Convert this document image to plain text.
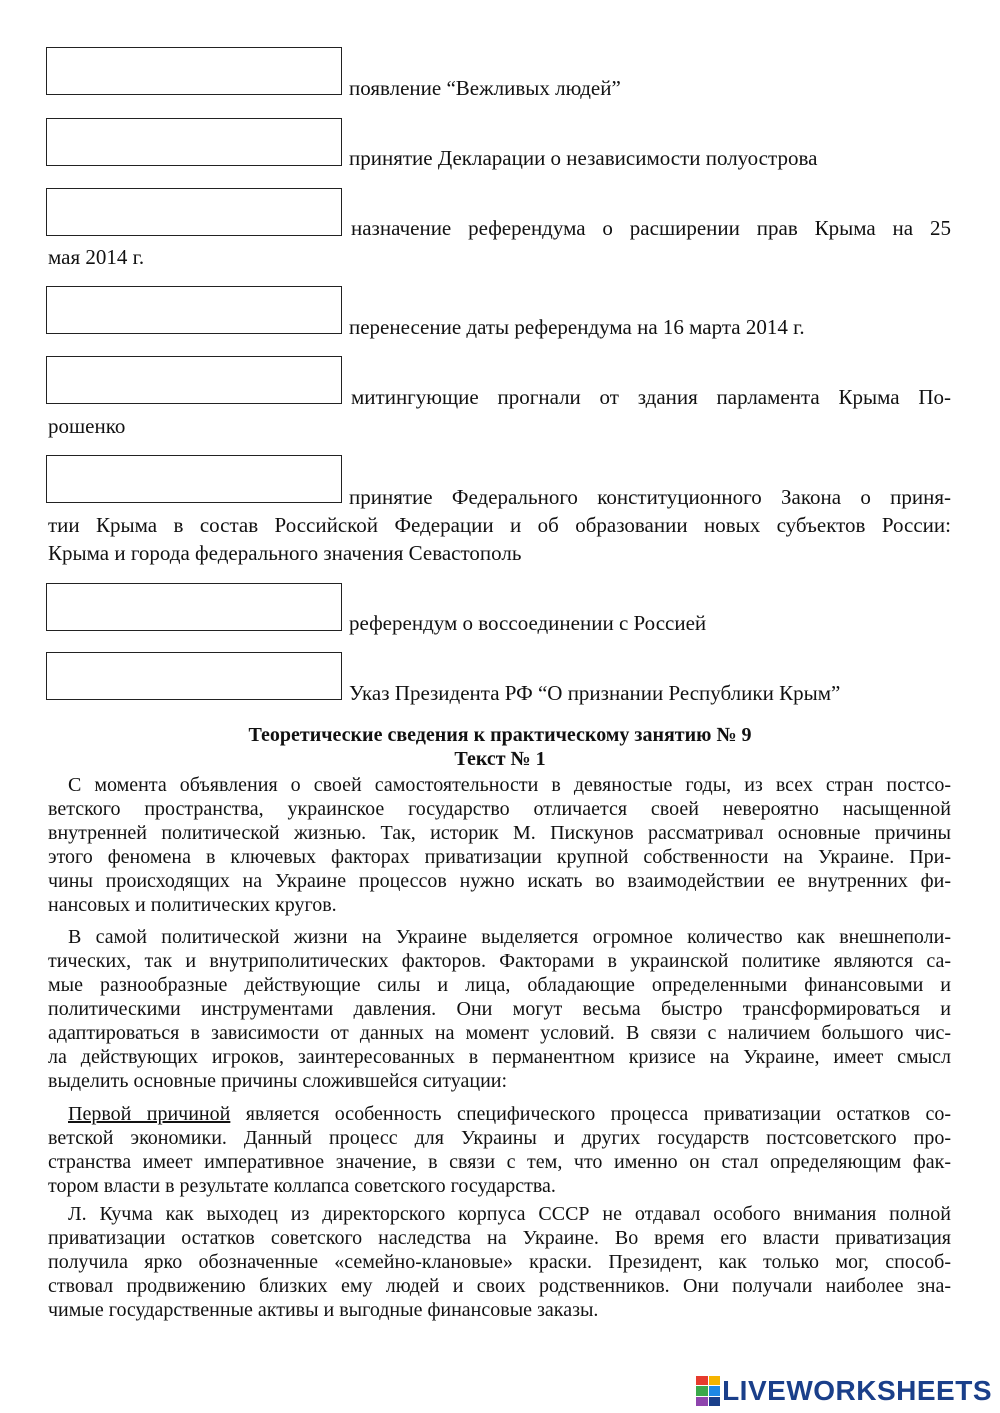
появление “Вежливых людей”
принятие Декларации о независимости полуострова
назначение референдума о расширении прав Крыма на 25
мая 2014 г.
перенесение даты референдума на 16 марта 2014 г.
митингующие прогнали от здания парламента Крыма По-
рошенко
принятие Федерального конституционного Закона о приня-
тии Крыма в состав Российской Федерации и об образовании новых субъектов России:
Крыма и города федерального значения Севастополь
референдум о воссоединении с Россией
Указ Президента РФ “О признании Республики Крым”
Теоретические сведения к практическому занятию № 9
Текст № 1
С момента объявления о своей самостоятельности в девяностые годы, из всех стран постсо-
ветского пространства, украинское государство отличается своей невероятно насыщенной
внутренней политической жизнью. Так, историк М. Пискунов рассматривал основные причины
этого феномена в ключевых факторах приватизации крупной собственности на Украине. При-
чины происходящих на Украине процессов нужно искать во взаимодействии ее внутренних фи-
нансовых и политических кругов.
В самой политической жизни на Украине выделяется огромное количество как внешнеполи-
тических, так и внутриполитических факторов. Факторами в украинской политике являются са-
мые разнообразные действующие силы и лица, обладающие определенными финансовыми и
политическими инструментами давления. Они могут весьма быстро трансформироваться и
адаптироваться в зависимости от данных на момент условий. В связи с наличием большого чис-
ла действующих игроков, заинтересованных в перманентном кризисе на Украине, имеет смысл
выделить основные причины сложившейся ситуации:
Первой причиной является особенность специфического процесса приватизации остатков со-
ветской экономики. Данный процесс для Украины и других государств постсоветского про-
странства имеет императивное значение, в связи с тем, что именно он стал определяющим фак-
тором власти в результате коллапса советского государства.
Л. Кучма как выходец из директорского корпуса СССР не отдавал особого внимания полной
приватизации остатков советского наследства на Украине. Во время его власти приватизация
получила ярко обозначенные «семейно-клановые» краски. Президент, как только мог, способ-
ствовал продвижению близких ему людей и своих родственников. Они получали наиболее зна-
чимые государственные активы и выгодные финансовые заказы.
LIVEWORKSHEETS
